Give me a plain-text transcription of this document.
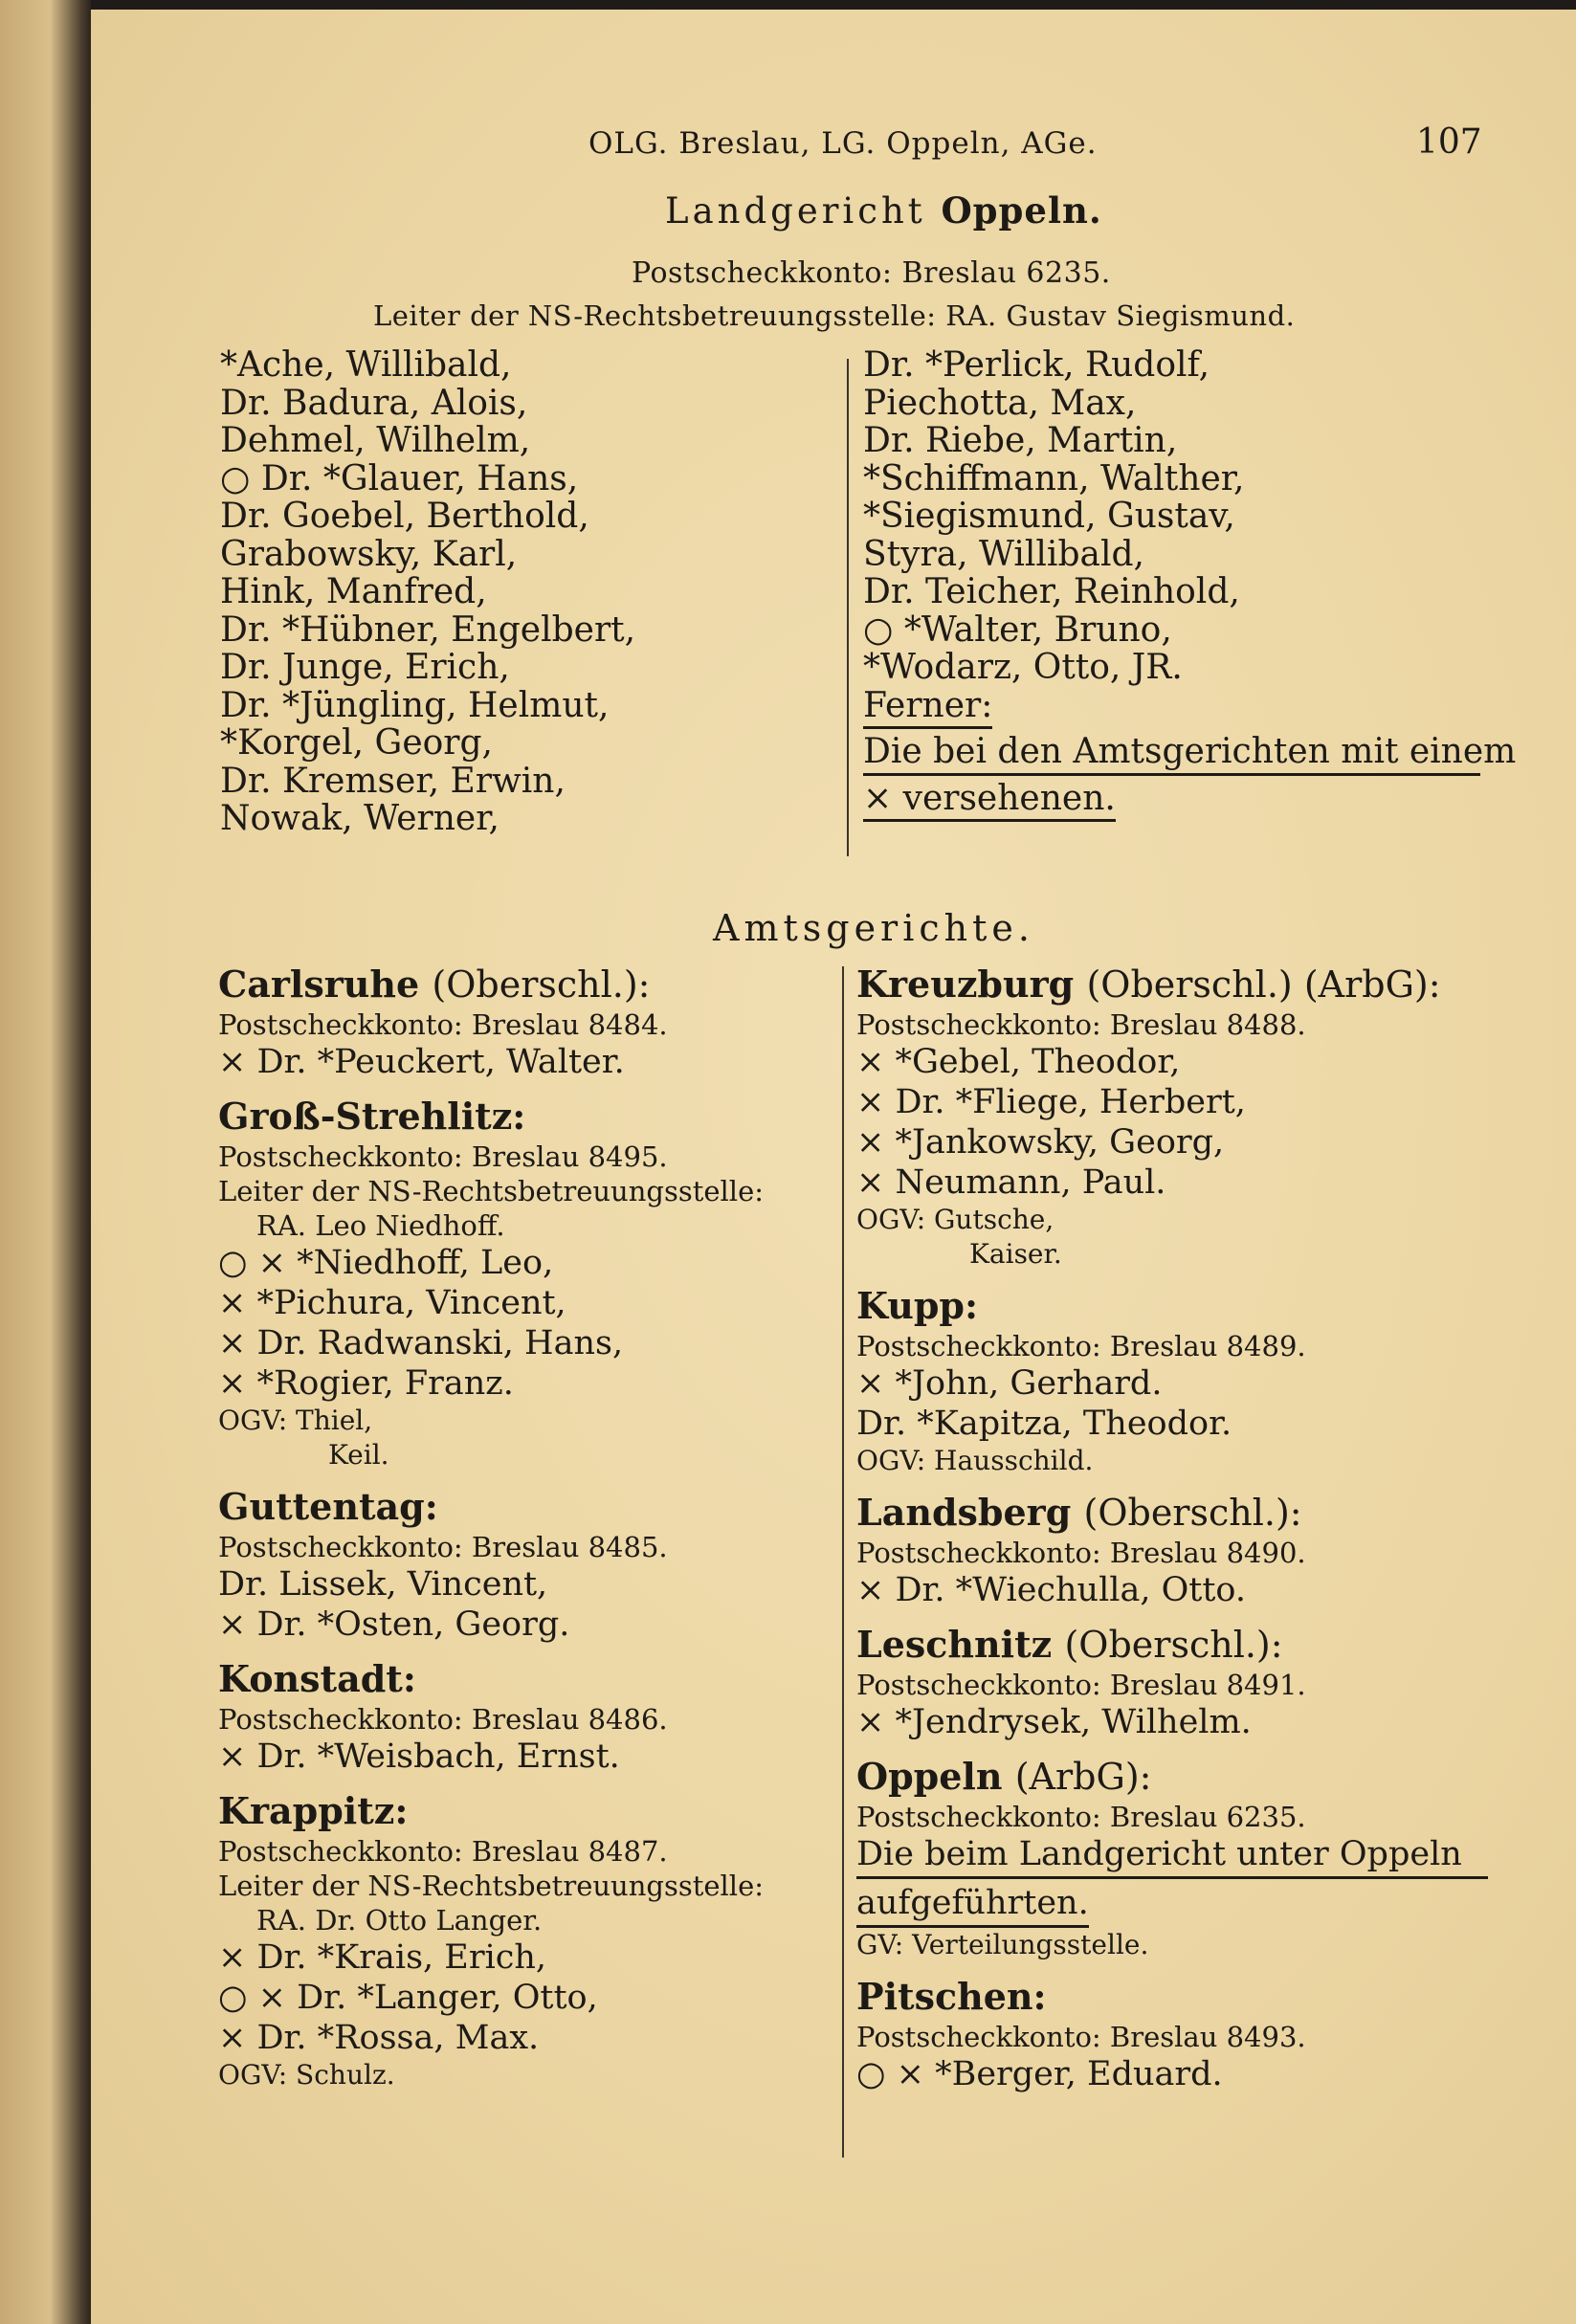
OLG. Breslau, LG. Oppeln, AGe.	107
Landgericht Oppeln.
Postscheckkonto: Breslau 6235.
Leiter der NS-Rechtsbetreuungsstelle: RA. Gustav Siegismund.
*Ache, Willibald,
Dr. Badura, Alois,
Dehmel, Wilhelm,
○ Dr. *Glauer, Hans,
Dr. Goebel, Berthold,
Grabowsky, Karl,
Hink, Manfred,
Dr. *Hübner, Engelbert,
Dr. Junge, Erich,
Dr. *Jüngling, Helmut,
*Korgel, Georg,
Dr. Kremser, Erwin,
Nowak, Werner,
Dr. *Perlick, Rudolf,
Piechotta, Max,
Dr. Riebe, Martin,
*Schiffmann, Walther,
*Siegismund, Gustav,
Styra, Willibald,
Dr. Teicher, Reinhold,
○ *Walter, Bruno,
*Wodarz, Otto, JR.
Ferner:
Die bei den Amtsgerichten mit einem
× versehenen.
Amtsgerichte.
Carlsruhe (Oberschl.):
Postscheckkonto: Breslau 8484.
× Dr. *Peuckert, Walter.
Groß-Strehlitz:
Postscheckkonto: Breslau 8495.
Leiter der NS-Rechtsbetreuungsstelle:
RA. Leo Niedhoff.
○ × *Niedhoff, Leo,
× *Pichura, Vincent,
× Dr. Radwanski, Hans,
× *Rogier, Franz.
OGV: Thiel,
Keil.
Guttentag:
Postscheckkonto: Breslau 8485.
Dr. Lissek, Vincent,
× Dr. *Osten, Georg.
Konstadt:
Postscheckkonto: Breslau 8486.
× Dr. *Weisbach, Ernst.
Krappitz:
Postscheckkonto: Breslau 8487.
Leiter der NS-Rechtsbetreuungsstelle:
RA. Dr. Otto Langer.
× Dr. *Krais, Erich,
○ × Dr. *Langer, Otto,
× Dr. *Rossa, Max.
OGV: Schulz.
Kreuzburg (Oberschl.) (ArbG):
Postscheckkonto: Breslau 8488.
× *Gebel, Theodor,
× Dr. *Fliege, Herbert,
× *Jankowsky, Georg,
× Neumann, Paul.
OGV: Gutsche,
Kaiser.
Kupp:
Postscheckkonto: Breslau 8489.
× *John, Gerhard.
Dr. *Kapitza, Theodor.
OGV: Hausschild.
Landsberg (Oberschl.):
Postscheckkonto: Breslau 8490.
× Dr. *Wiechulla, Otto.
Leschnitz (Oberschl.):
Postscheckkonto: Breslau 8491.
× *Jendrysek, Wilhelm.
Oppeln (ArbG):
Postscheckkonto: Breslau 6235.
Die beim Landgericht unter Oppeln
aufgeführten.
GV: Verteilungsstelle.
Pitschen:
Postscheckkonto: Breslau 8493.
○ × *Berger, Eduard.
